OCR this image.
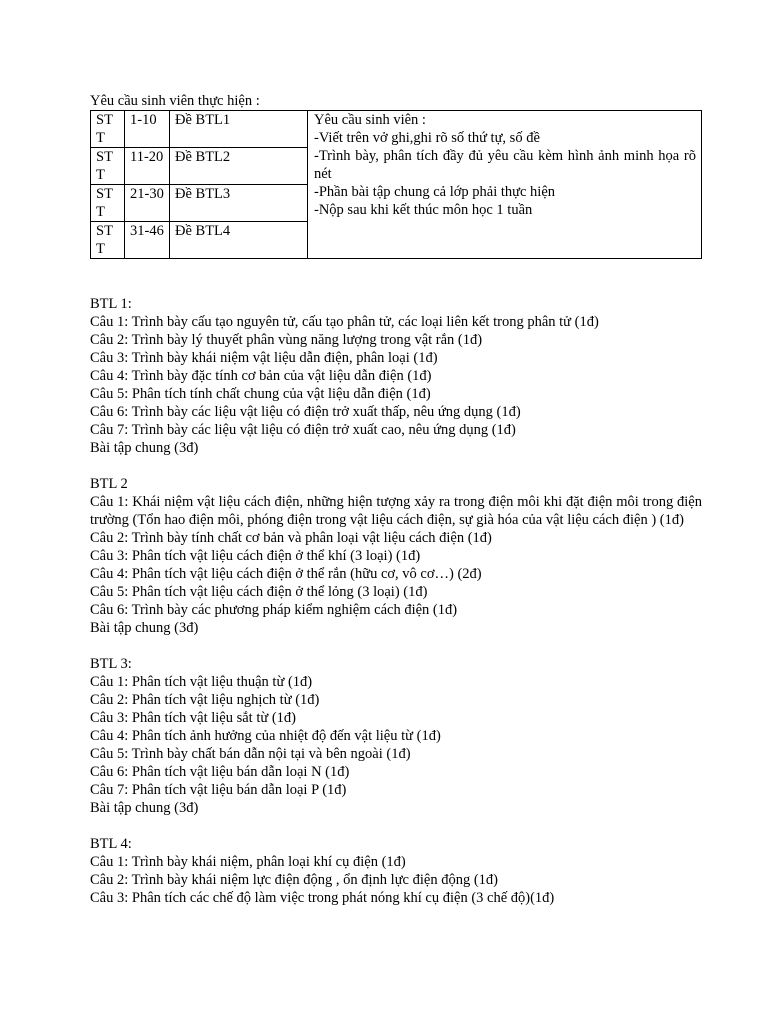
Yêu cầu sinh viên thực hiện :
STT	1-10	Đề BTL1	Yêu cầu sinh viên :
-Viết trên vở ghi,ghi rõ số thứ tự, số đề
-Trình bày, phân tích đầy đủ yêu cầu kèm hình ảnh minh họa rõ nét
-Phần bài tập chung cả lớp phải thực hiện
-Nộp sau khi kết thúc môn học 1 tuần

STT	11-20	Đề BTL2	
STT	21-30	Đề BTL3	
STT	31-46	Đề BTL4	
BTL 1:
Câu 1: Trình bày cấu tạo nguyên tử, cấu tạo phân tử, các loại liên kết trong phân tử (1đ)
Câu 2: Trình bày lý thuyết phân vùng năng lượng trong vật rắn (1đ)
Câu 3: Trình bày khái niệm vật liệu dẫn điện, phân loại (1đ)
Câu 4: Trình bày đặc tính cơ bản của vật liệu dẫn điện (1đ)
Câu 5: Phân tích tính chất chung của vật liệu dẫn điện (1đ)
Câu 6: Trình bày các liệu vật liệu có điện trở xuất thấp, nêu ứng dụng (1đ)
Câu 7: Trình bày các liệu vật liệu có điện trở xuất cao, nêu ứng dụng (1đ)
Bài tập chung (3đ)
BTL 2
Câu 1: Khái niệm vật liệu cách điện, những hiện tượng xảy ra trong điện môi khi đặt điện môi trong điện trường (Tổn hao điện môi, phóng điện trong vật liệu cách điện, sự già hóa của vật liệu cách điện ) (1đ)
Câu 2: Trình bày tính chất cơ bản và phân loại vật liệu cách điện (1đ)
Câu 3: Phân tích vật liệu cách điện ở thể khí (3 loại) (1đ)
Câu 4: Phân tích vật liệu cách điện ở thể rắn (hữu cơ, vô cơ…) (2đ)
Câu 5: Phân tích vật liệu cách điện ở thể lỏng (3 loại) (1đ)
Câu 6: Trình bày các phương pháp kiểm nghiệm cách điện (1đ)
Bài tập chung (3đ)
BTL 3:
Câu 1: Phân tích vật liệu thuận từ (1đ)
Câu 2: Phân tích vật liệu nghịch từ (1đ)
Câu 3: Phân tích vật liệu sắt từ (1đ)
Câu 4: Phân tích ảnh hưởng của nhiệt độ đến vật liệu từ (1đ)
Câu 5: Trình bày chất bán dẫn nội tại và bên ngoài (1đ)
Câu 6: Phân tích vật liệu bán dẫn loại N (1đ)
Câu 7: Phân tích vật liệu bán dẫn loại P (1đ)
Bài tập chung (3đ)
BTL 4:
Câu 1: Trình bày khái niệm, phân loại khí cụ điện (1đ)
Câu 2: Trình bày khái niệm lực điện động , ổn định lực điện động (1đ)
Câu 3: Phân tích các chế độ làm việc trong phát nóng khí cụ điện (3 chế độ)(1đ)
